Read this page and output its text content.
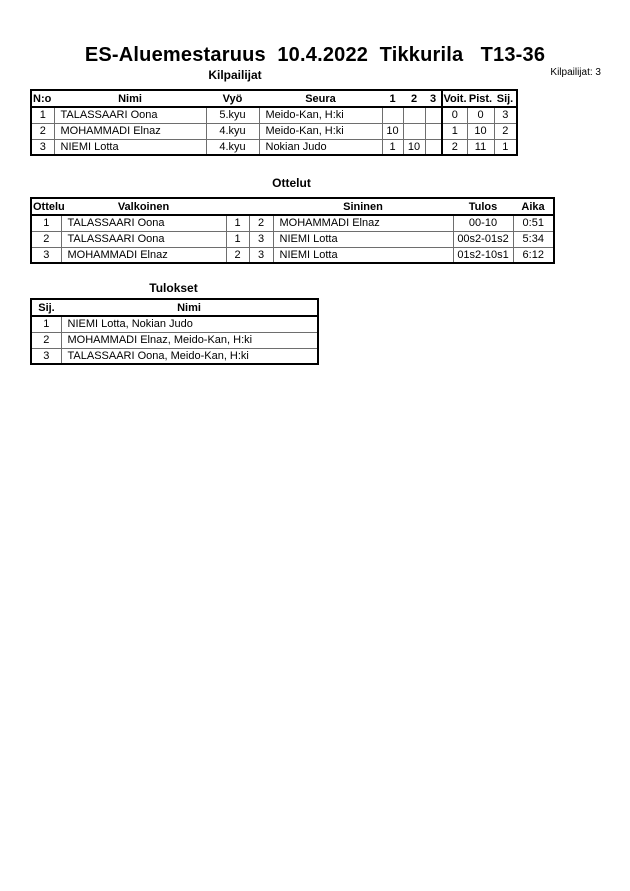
ES-Aluemestaruus  10.4.2022  Tikkurila   T13-36
Kilpailijat	Kilpailijat: 3
N:o	Nimi	Vyö	Seura	1	2	3	Voit.	Pist.	Sij.
1	TALASSAARI Oona	5.kyu	Meido-Kan, H:ki				0	0	3
2	MOHAMMADI Elnaz	4.kyu	Meido-Kan, H:ki	10			1	10	2
3	NIEMI Lotta	4.kyu	Nokian Judo	1	10		2	11	1
Ottelut
Ottelu	Valkoinen			Sininen	Tulos	Aika
1	TALASSAARI Oona	1	2	MOHAMMADI Elnaz	00-10	0:51
2	TALASSAARI Oona	1	3	NIEMI Lotta	00s2-01s2	5:34
3	MOHAMMADI Elnaz	2	3	NIEMI Lotta	01s2-10s1	6:12
Tulokset
Sij.	Nimi
1	NIEMI Lotta, Nokian Judo
2	MOHAMMADI Elnaz, Meido-Kan, H:ki
3	TALASSAARI Oona, Meido-Kan, H:ki
